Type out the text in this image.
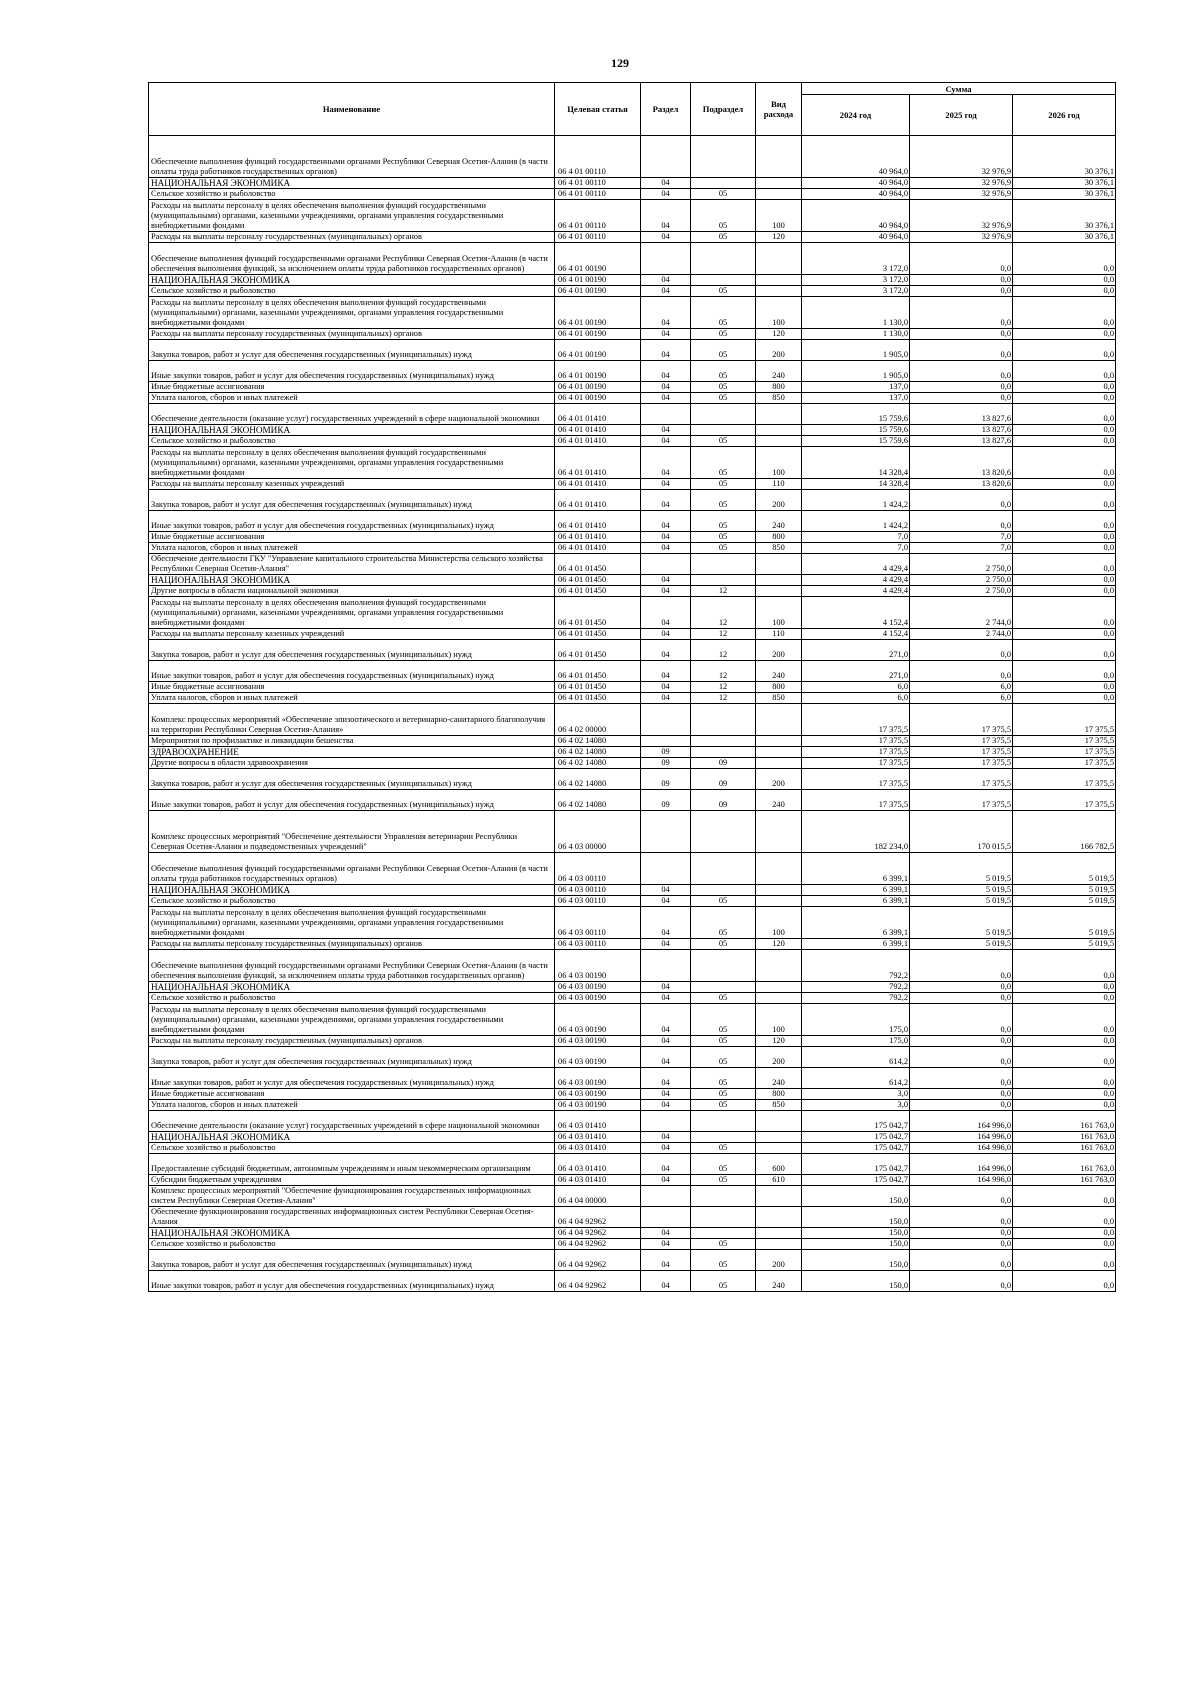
129
Наименование	Целевая статья	Раздел	Подраздел	Вид расхода	Сумма		
					2024 год	2025 год	2026 год
Обеспечение выполнения функций государственными органами Республики Северная Осетия-Алания (в части оплаты труда работников государственных органов)	06 4 01 00110				40 964,0	32 976,9	30 376,1
НАЦИОНАЛЬНАЯ ЭКОНОМИКА	06 4 01 00110	04			40 964,0	32 976,9	30 376,1
Сельское хозяйство и рыболовство	06 4 01 00110	04	05		40 964,0	32 976,9	30 376,1
Расходы на выплаты персоналу в целях обеспечения выполнения функций государственными (муниципальными) органами, казенными учреждениями, органами управления государственными внебюджетными фондами	06 4 01 00110	04	05	100	40 964,0	32 976,9	30 376,1
Расходы на выплаты персоналу государственных (муниципальных) органов	06 4 01 00110	04	05	120	40 964,0	32 976,9	30 376,1
Обеспечение выполнения функций государственными органами Республики Северная Осетия-Алания (в части обеспечения выполнения функций, за исключением оплаты труда работников государственных органов)	06 4 01 00190				3 172,0	0,0	0,0
НАЦИОНАЛЬНАЯ ЭКОНОМИКА	06 4 01 00190	04			3 172,0	0,0	0,0
Сельское хозяйство и рыболовство	06 4 01 00190	04	05		3 172,0	0,0	0,0
Расходы на выплаты персоналу в целях обеспечения выполнения функций государственными (муниципальными) органами, казенными учреждениями, органами управления государственными внебюджетными фондами	06 4 01 00190	04	05	100	1 130,0	0,0	0,0
Расходы на выплаты персоналу государственных (муниципальных) органов	06 4 01 00190	04	05	120	1 130,0	0,0	0,0
Закупка товаров, работ и услуг для обеспечения государственных (муниципальных) нужд	06 4 01 00190	04	05	200	1 905,0	0,0	0,0
Иные закупки товаров, работ и услуг для обеспечения государственных (муниципальных) нужд	06 4 01 00190	04	05	240	1 905,0	0,0	0,0
Иные бюджетные ассигнования	06 4 01 00190	04	05	800	137,0	0,0	0,0
Уплата налогов, сборов и иных платежей	06 4 01 00190	04	05	850	137,0	0,0	0,0
Обеспечение деятельности (оказание услуг) государственных учреждений в сфере национальной экономики	06 4 01 01410				15 759,6	13 827,6	0,0
НАЦИОНАЛЬНАЯ ЭКОНОМИКА	06 4 01 01410	04			15 759,6	13 827,6	0,0
Сельское хозяйство и рыболовство	06 4 01 01410	04	05		15 759,6	13 827,6	0,0
Расходы на выплаты персоналу в целях обеспечения выполнения функций государственными (муниципальными) органами, казенными учреждениями, органами управления государственными внебюджетными фондами	06 4 01 01410	04	05	100	14 328,4	13 820,6	0,0
Расходы на выплаты персоналу казенных учреждений	06 4 01 01410	04	05	110	14 328,4	13 820,6	0,0
Закупка товаров, работ и услуг для обеспечения государственных (муниципальных) нужд	06 4 01 01410	04	05	200	1 424,2	0,0	0,0
Иные закупки товаров, работ и услуг для обеспечения государственных (муниципальных) нужд	06 4 01 01410	04	05	240	1 424,2	0,0	0,0
Иные бюджетные ассигнования	06 4 01 01410	04	05	800	7,0	7,0	0,0
Уплата налогов, сборов и иных платежей	06 4 01 01410	04	05	850	7,0	7,0	0,0
Обеспечение деятельности ГКУ "Управление капитального строительства Министерства сельского хозяйства Республики Северная Осетия-Алания"	06 4 01 01450				4 429,4	2 750,0	0,0
НАЦИОНАЛЬНАЯ ЭКОНОМИКА	06 4 01 01450	04			4 429,4	2 750,0	0,0
Другие вопросы в области национальной экономики	06 4 01 01450	04	12		4 429,4	2 750,0	0,0
Расходы на выплаты персоналу в целях обеспечения выполнения функций государственными (муниципальными) органами, казенными учреждениями, органами управления государственными внебюджетными фондами	06 4 01 01450	04	12	100	4 152,4	2 744,0	0,0
Расходы на выплаты персоналу казенных учреждений	06 4 01 01450	04	12	110	4 152,4	2 744,0	0,0
Закупка товаров, работ и услуг для обеспечения государственных (муниципальных) нужд	06 4 01 01450	04	12	200	271,0	0,0	0,0
Иные закупки товаров, работ и услуг для обеспечения государственных (муниципальных) нужд	06 4 01 01450	04	12	240	271,0	0,0	0,0
Иные бюджетные ассигнования	06 4 01 01450	04	12	800	6,0	6,0	0,0
Уплата налогов, сборов и иных платежей	06 4 01 01450	04	12	850	6,0	6,0	0,0
Комплекс процессных мероприятий «Обеспечение эпизоотического и ветеринарно-санитарного благополучия на территории Республики Северная Осетия-Алания»	06 4 02 00000				17 375,5	17 375,5	17 375,5
Мероприятия по профилактике и ликвидации бешенства	06 4 02 14080				17 375,5	17 375,5	17 375,5
ЗДРАВООХРАНЕНИЕ	06 4 02 14080	09			17 375,5	17 375,5	17 375,5
Другие вопросы в области здравоохранения	06 4 02 14080	09	09		17 375,5	17 375,5	17 375,5
Закупка товаров, работ и услуг для обеспечения государственных (муниципальных) нужд	06 4 02 14080	09	09	200	17 375,5	17 375,5	17 375,5
Иные закупки товаров, работ и услуг для обеспечения государственных (муниципальных) нужд	06 4 02 14080	09	09	240	17 375,5	17 375,5	17 375,5
Комплекс процессных мероприятий "Обеспечение деятельности Управления ветеринарии Республики Северная Осетия-Алания и подведомственных учреждений"	06 4 03 00000				182 234,0	170 015,5	166 782,5
Обеспечение выполнения функций государственными органами Республики Северная Осетия-Алания (в части оплаты труда работников государственных органов)	06 4 03 00110				6 399,1	5 019,5	5 019,5
НАЦИОНАЛЬНАЯ ЭКОНОМИКА	06 4 03 00110	04			6 399,1	5 019,5	5 019,5
Сельское хозяйство и рыболовство	06 4 03 00110	04	05		6 399,1	5 019,5	5 019,5
Расходы на выплаты персоналу в целях обеспечения выполнения функций государственными (муниципальными) органами, казенными учреждениями, органами управления государственными внебюджетными фондами	06 4 03 00110	04	05	100	6 399,1	5 019,5	5 019,5
Расходы на выплаты персоналу государственных (муниципальных) органов	06 4 03 00110	04	05	120	6 399,1	5 019,5	5 019,5
Обеспечение выполнения функций государственными органами Республики Северная Осетия-Алания (в части обеспечения выполнения функций, за исключением оплаты труда работников государственных органов)	06 4 03 00190				792,2	0,0	0,0
НАЦИОНАЛЬНАЯ ЭКОНОМИКА	06 4 03 00190	04			792,2	0,0	0,0
Сельское хозяйство и рыболовство	06 4 03 00190	04	05		792,2	0,0	0,0
Расходы на выплаты персоналу в целях обеспечения выполнения функций государственными (муниципальными) органами, казенными учреждениями, органами управления государственными внебюджетными фондами	06 4 03 00190	04	05	100	175,0	0,0	0,0
Расходы на выплаты персоналу государственных (муниципальных) органов	06 4 03 00190	04	05	120	175,0	0,0	0,0
Закупка товаров, работ и услуг для обеспечения государственных (муниципальных) нужд	06 4 03 00190	04	05	200	614,2	0,0	0,0
Иные закупки товаров, работ и услуг для обеспечения государственных (муниципальных) нужд	06 4 03 00190	04	05	240	614,2	0,0	0,0
Иные бюджетные ассигнования	06 4 03 00190	04	05	800	3,0	0,0	0,0
Уплата налогов, сборов и иных платежей	06 4 03 00190	04	05	850	3,0	0,0	0,0
Обеспечение деятельности (оказание услуг) государственных учреждений в сфере национальной экономики	06 4 03 01410				175 042,7	164 996,0	161 763,0
НАЦИОНАЛЬНАЯ ЭКОНОМИКА	06 4 03 01410	04			175 042,7	164 996,0	161 763,0
Сельское хозяйство и рыболовство	06 4 03 01410	04	05		175 042,7	164 996,0	161 763,0
Предоставление субсидий бюджетным, автономным учреждениям и иным некоммерческим организациям	06 4 03 01410	04	05	600	175 042,7	164 996,0	161 763,0
Субсидии бюджетным учреждениям	06 4 03 01410	04	05	610	175 042,7	164 996,0	161 763,0
Комплекс процессных мероприятий "Обеспечение функционирования государственных информационных систем Республики Северная Осетия-Алания"	06 4 04 00000				150,0	0,0	0,0
Обеспечение функционирования государственных информационных систем Республики Северная Осетия-Алания	06 4 04 92962				150,0	0,0	0,0
НАЦИОНАЛЬНАЯ ЭКОНОМИКА	06 4 04 92962	04			150,0	0,0	0,0
Сельское хозяйство и рыболовство	06 4 04 92962	04	05		150,0	0,0	0,0
Закупка товаров, работ и услуг для обеспечения государственных (муниципальных) нужд	06 4 04 92962	04	05	200	150,0	0,0	0,0
Иные закупки товаров, работ и услуг для обеспечения государственных (муниципальных) нужд	06 4 04 92962	04	05	240	150,0	0,0	0,0
